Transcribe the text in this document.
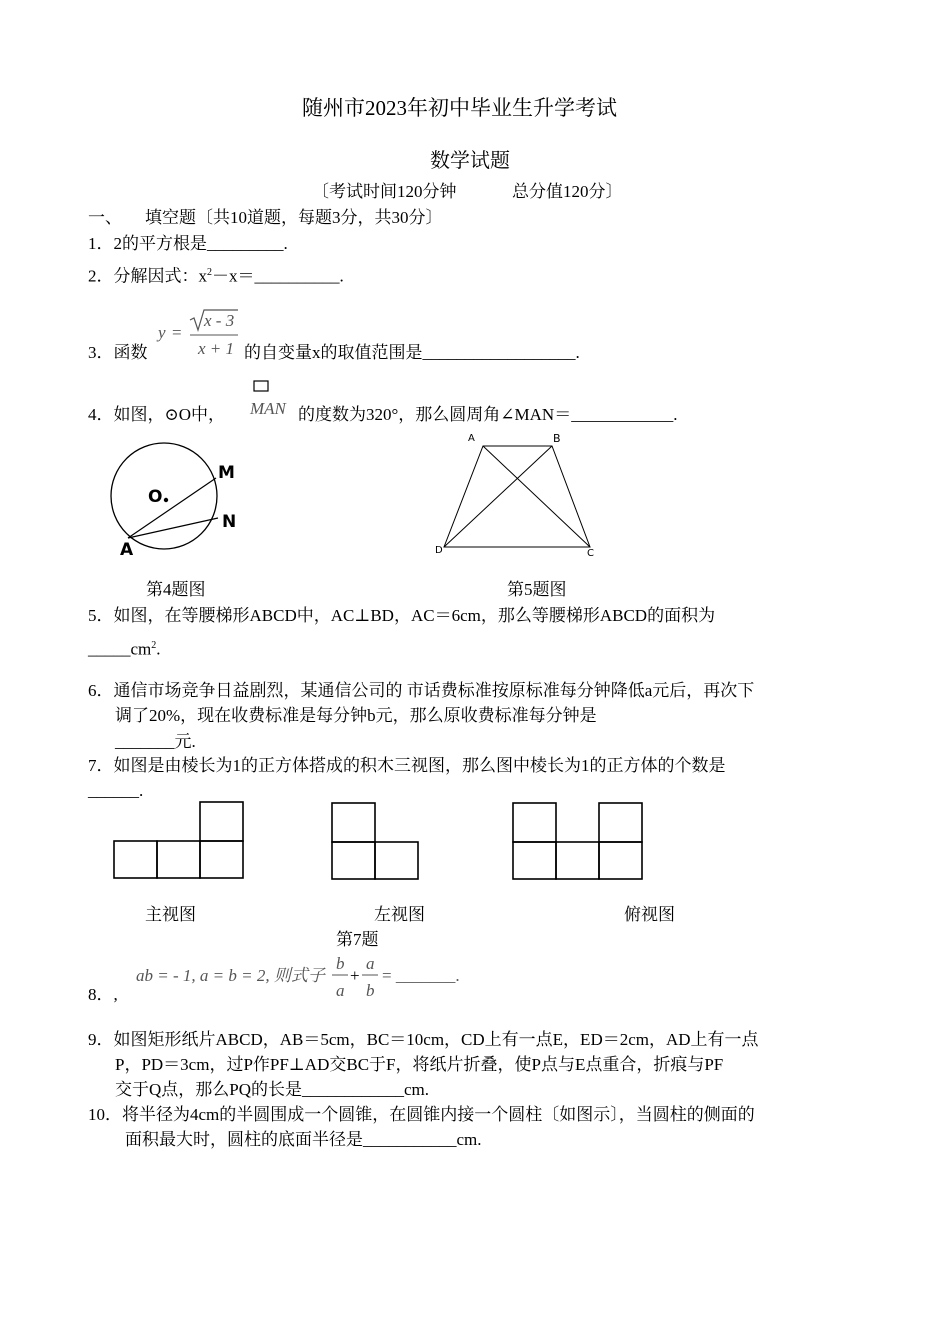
随州市2023年初中毕业生升学考试
数学试题
〔考试时间120分钟	总分值120分〕
一、 填空题〔共10道题，每题3分，共30分〕
1．2的平方根是_________.
2．分解因式：$x^2-x=\_\_\_\_\_\_\_\_\_\_$.
3．函数
y =
x - 3
x + 1 的自变量x的取值范围是__________________.
4．如图，⊙O中， MAN 的度数为320°，那么圆周角∠MAN＝____________.
O
M
N
A
第4题图
A	B
C
D
第5题图
5．如图，在等腰梯形ABCD中，AC⊥BD，AC＝6cm，那么等腰梯形ABCD的面积为
$\_\_\_\_\_cm^2$.
6．通信市场竞争日益剧烈，某通信公司的 市话费标准按原标准每分钟降低a元后，再次下
调了20%，现在收费标准是每分钟b元，那么原收费标准每分钟是
_______元.
7．如图是由棱长为1的正方体搭成的积木三视图，那么图中棱长为1的正方体的个数是
______.
主视图	左视图	俯视图
第7题
ab = - 1, a = b = 2, 则式子
b
a
+
a
b
= _______.
8．,
9．如图矩形纸片ABCD，AB＝5cm，BC＝10cm，CD上有一点E，ED＝2cm，AD上有一点
P，PD＝3cm，过P作PF⊥AD交BC于F，将纸片折叠，使P点与E点重合，折痕与PF
交于Q点，那么PQ的长是____________cm.
10．将半径为4cm的半圆围成一个圆锥，在圆锥内接一个圆柱〔如图示〕，当圆柱的侧面的
面积最大时，圆柱的底面半径是___________cm.
